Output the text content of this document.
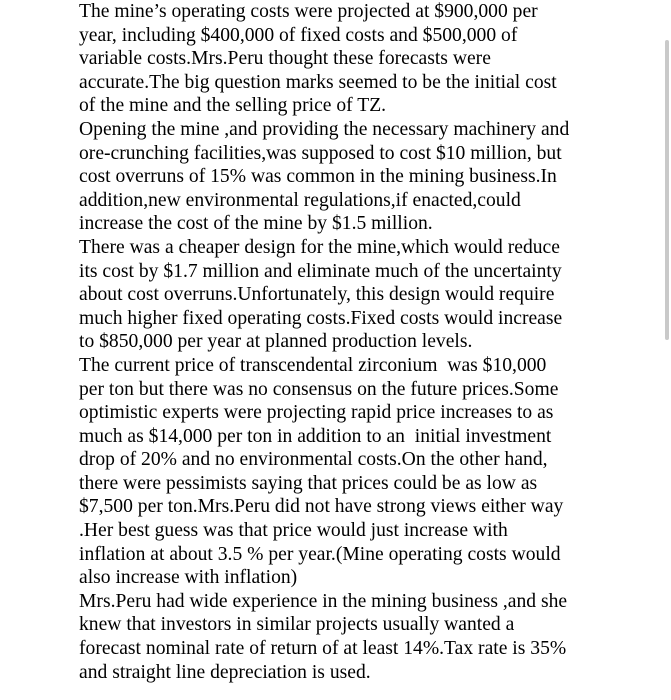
The mine’s operating costs were projected at $900,000 per
year, including $400,000 of fixed costs and $500,000 of
variable costs.Mrs.Peru thought these forecasts were
accurate.The big question marks seemed to be the initial cost
of the mine and the selling price of TZ.
Opening the mine ,and providing the necessary machinery and
ore-crunching facilities,was supposed to cost $10 million, but
cost overruns of 15% was common in the mining business.In
addition,new environmental regulations,if enacted,could
increase the cost of the mine by $1.5 million.
There was a cheaper design for the mine,which would reduce
its cost by $1.7 million and eliminate much of the uncertainty
about cost overruns.Unfortunately, this design would require
much higher fixed operating costs.Fixed costs would increase
to $850,000 per year at planned production levels.
The current price of transcendental zirconium  was $10,000
per ton but there was no consensus on the future prices.Some
optimistic experts were projecting rapid price increases to as
much as $14,000 per ton in addition to an  initial investment
drop of 20% and no environmental costs.On the other hand,
there were pessimists saying that prices could be as low as
$7,500 per ton.Mrs.Peru did not have strong views either way
.Her best guess was that price would just increase with
inflation at about 3.5 % per year.(Mine operating costs would
also increase with inflation)
Mrs.Peru had wide experience in the mining business ,and she
knew that investors in similar projects usually wanted a
forecast nominal rate of return of at least 14%.Tax rate is 35%
and straight line depreciation is used.
